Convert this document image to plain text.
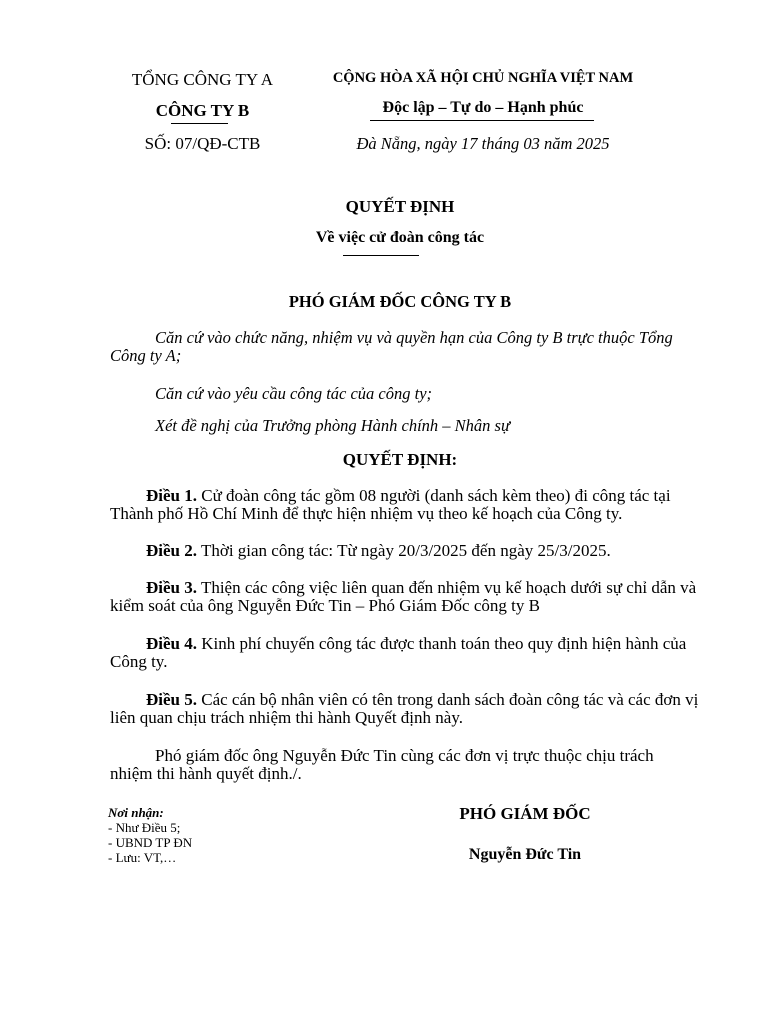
TỔNG CÔNG TY A
CÔNG TY B
SỐ: 07/QĐ-CTB
CỘNG HÒA XÃ HỘI CHỦ NGHĨA VIỆT NAM
Độc lập – Tự do – Hạnh phúc
Đà Nẵng, ngày 17 tháng 03 năm 2025
QUYẾT ĐỊNH
Về việc cử đoàn công tác
PHÓ GIÁM ĐỐC CÔNG TY B
Căn cứ vào chức năng, nhiệm vụ và quyền hạn của Công ty B trực thuộc Tổng Công ty A;
Căn cứ vào yêu cầu công tác của công ty;
Xét đề nghị của Trưởng phòng Hành chính – Nhân sự
QUYẾT ĐỊNH:
Điều 1. Cử đoàn công tác gồm 08 người (danh sách kèm theo) đi công tác tại Thành phố Hồ Chí Minh để thực hiện nhiệm vụ theo kế hoạch của Công ty.
Điều 2. Thời gian công tác: Từ ngày 20/3/2025 đến ngày 25/3/2025.
Điều 3. Thiện các công việc liên quan đến nhiệm vụ kế hoạch dưới sự chỉ dẫn và kiểm soát của ông Nguyễn Đức Tin – Phó Giám Đốc công ty B
Điều 4. Kinh phí chuyến công tác được thanh toán theo quy định hiện hành của Công ty.
Điều 5. Các cán bộ nhân viên có tên trong danh sách đoàn công tác và các đơn vị liên quan chịu trách nhiệm thi hành Quyết định này.
Phó giám đốc ông Nguyễn Đức Tin cùng các đơn vị trực thuộc chịu trách nhiệm thi hành quyết định./.
Nơi nhận:
- Như Điều 5;
- UBND TP ĐN
- Lưu: VT,…
PHÓ GIÁM ĐỐC
Nguyễn Đức Tin
